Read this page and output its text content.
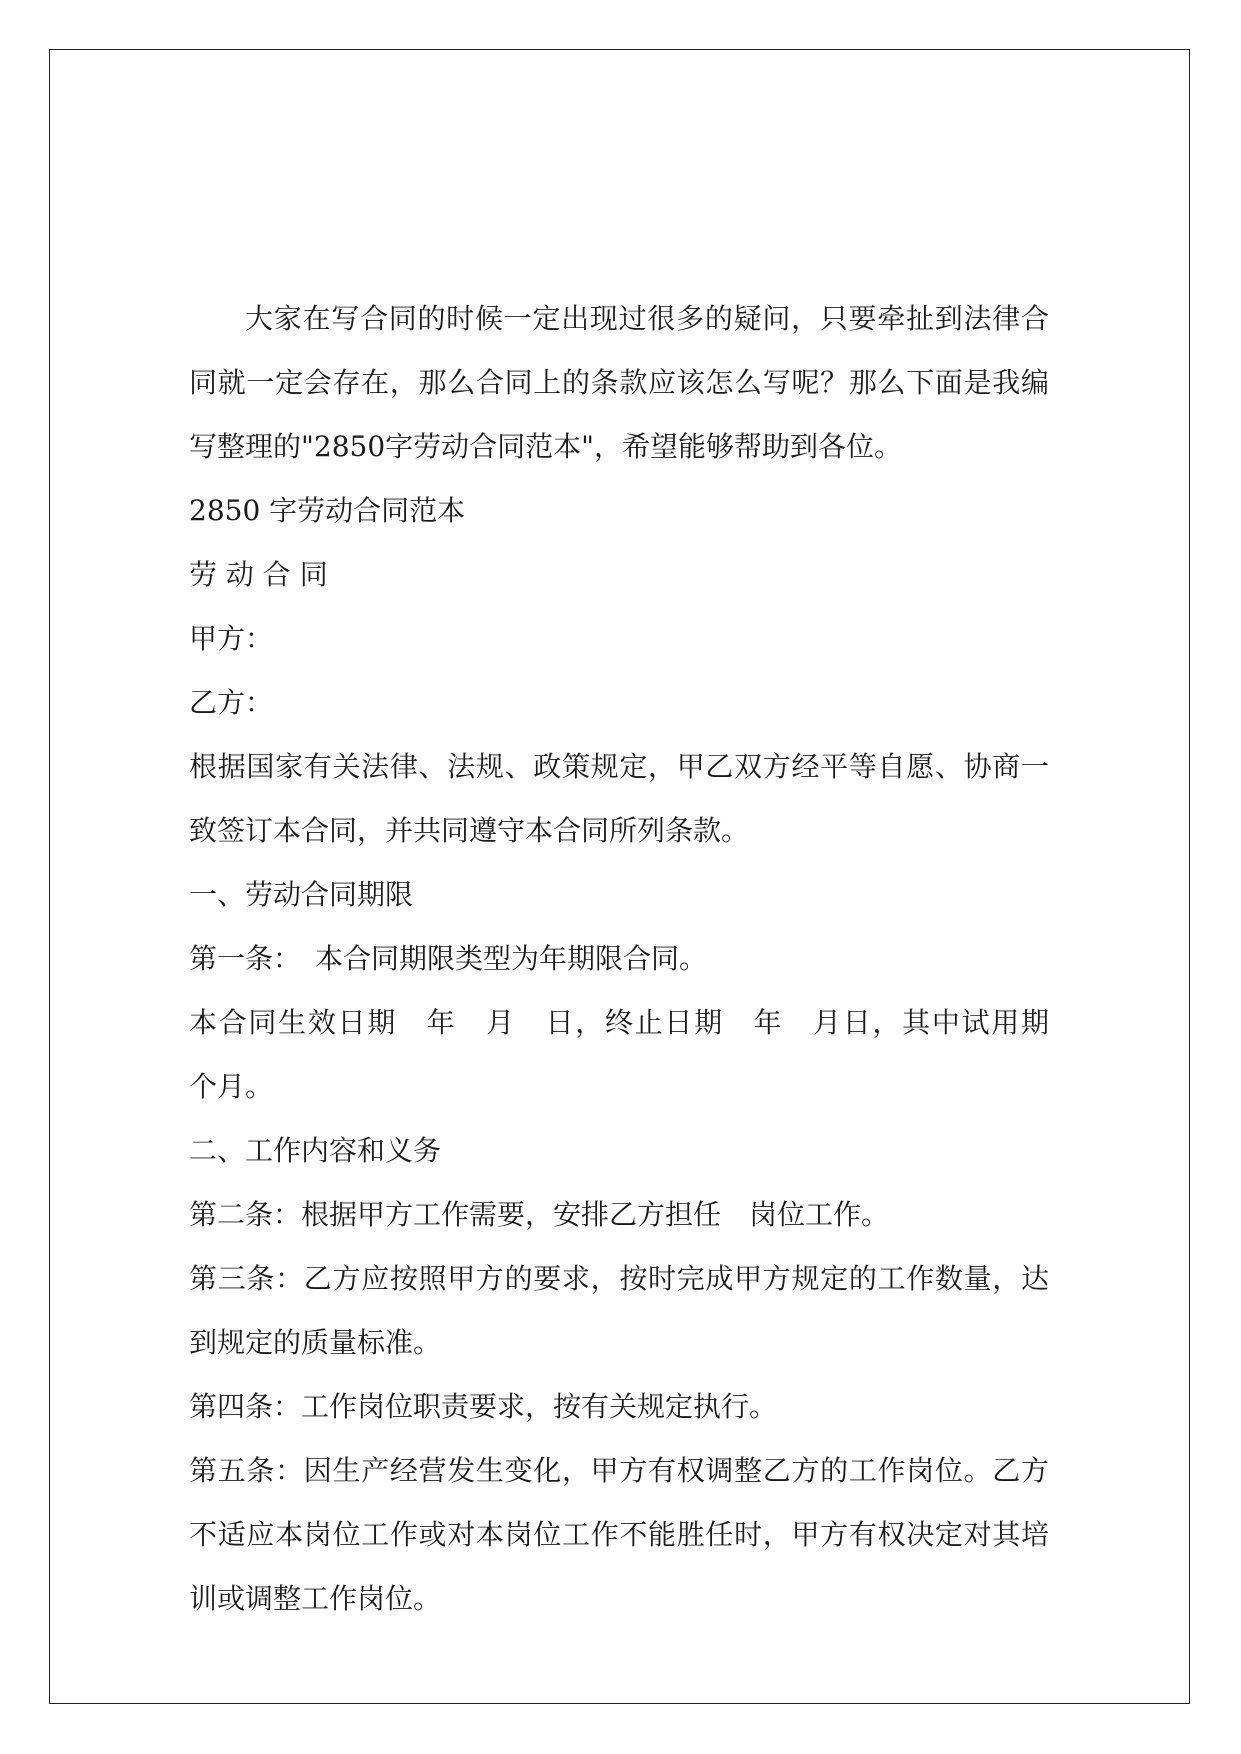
大家在写合同的时候一定出现过很多的疑问，只要牵扯到法律合同就一定会存在，那么合同上的条款应该怎么写呢？那么下面是我编写整理的"2850字劳动合同范本"，希望能够帮助到各位。

2850 字劳动合同范本

劳 动 合 同

甲方：

乙方：

根据国家有关法律、法规、政策规定，甲乙双方经平等自愿、协商一致签订本合同，并共同遵守本合同所列条款。

一、劳动合同期限

第一条：　本合同期限类型为年期限合同。

本合同生效日期　年　月　日，终止日期　年　月日，其中试用期　个月。

二、工作内容和义务

第二条：根据甲方工作需要，安排乙方担任　岗位工作。

第三条：乙方应按照甲方的要求，按时完成甲方规定的工作数量，达到规定的质量标准。

第四条：工作岗位职责要求，按有关规定执行。

第五条：因生产经营发生变化，甲方有权调整乙方的工作岗位。乙方不适应本岗位工作或对本岗位工作不能胜任时，甲方有权决定对其培训或调整工作岗位。
